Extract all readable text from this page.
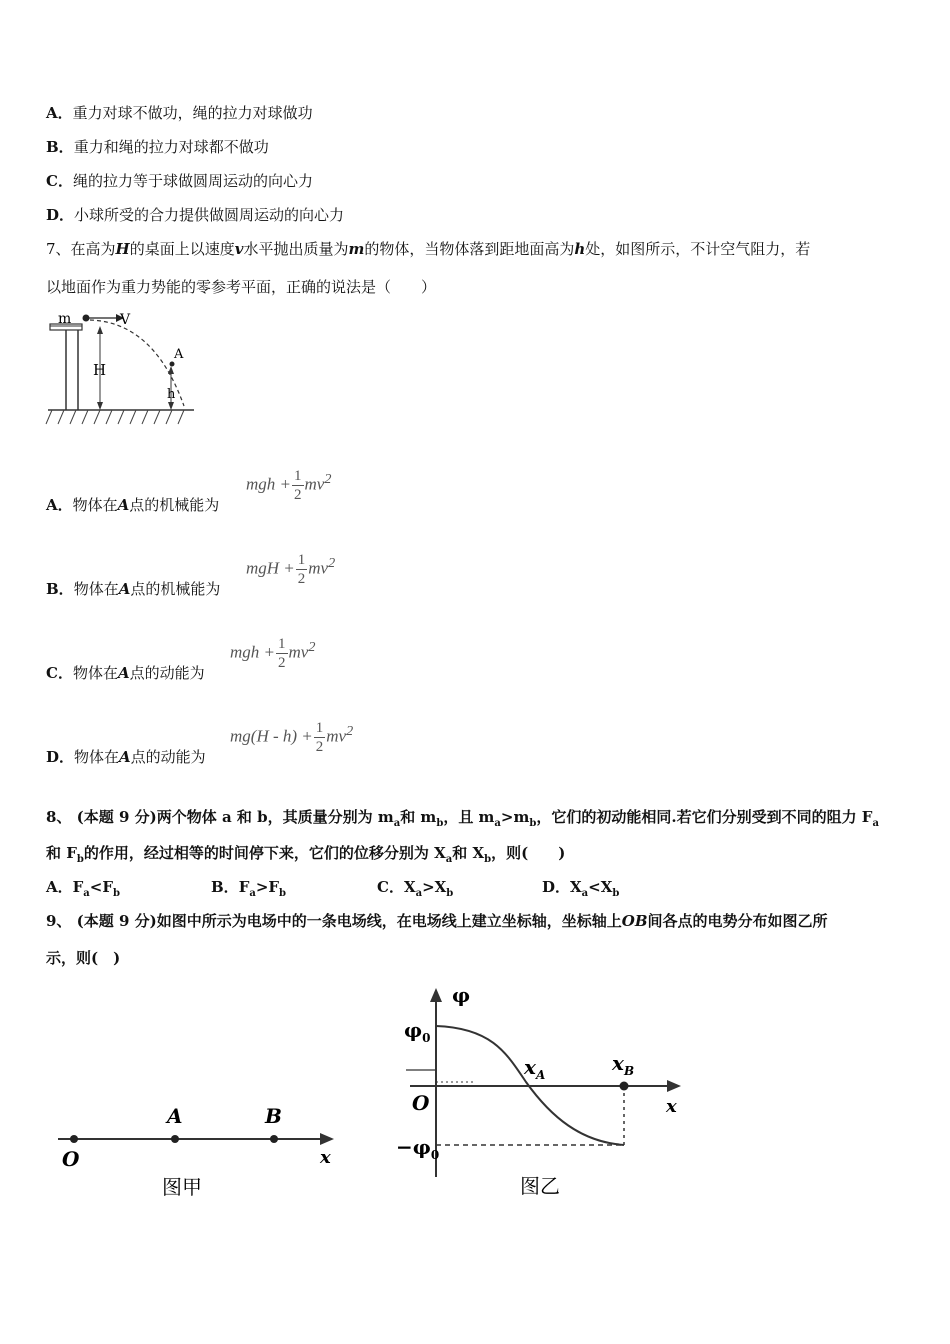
A．重力对球不做功，绳的拉力对球做功
B．重力和绳的拉力对球都不做功
C．绳的拉力等于球做圆周运动的向心力
D．小球所受的合力提供做圆周运动的向心力
7、在高为H的桌面上以速度v水平抛出质量为m的物体，当物体落到距地面高为h处，如图所示，不计空气阻力，若
以地面作为重力势能的零参考平面，正确的说法是（　　）
m	V
H
A
h
A．物体在A点的机械能为
mgh + $\frac{1}{2} mv^2$
B．物体在A点的机械能为
mgH + $\frac{1}{2} mv^2$
C．物体在A点的动能为
mgh + $\frac{1}{2} mv^2$
D．物体在A点的动能为
$mg(H - h) + \frac{1}{2} mv^2$
8、 (本题 9 分)两个物体 a 和 b，其质量分别为 $m_a$和 $m_b$，且 $m_a>m_b$，它们的初动能相同.若它们分别受到不同的阻力 $F_a$
和 $F_b$的作用，经过相等的时间停下来，它们的位移分别为 $X_a$和 $X_b$，则(　　)
A．$F_a<F_b$	B．$F_a>F_b$	C．$X_a>X_b$	D．$X_a<X_b$
9、 (本题 9 分)如图中所示为电场中的一条电场线，在电场线上建立坐标轴，坐标轴上OB间各点的电势分布如图乙所
示，则(　)
O
A	B
x
图甲
φ
$\varphi_0$
O
$-\varphi_0$
$x_A$	$x_B$
x
图乙
